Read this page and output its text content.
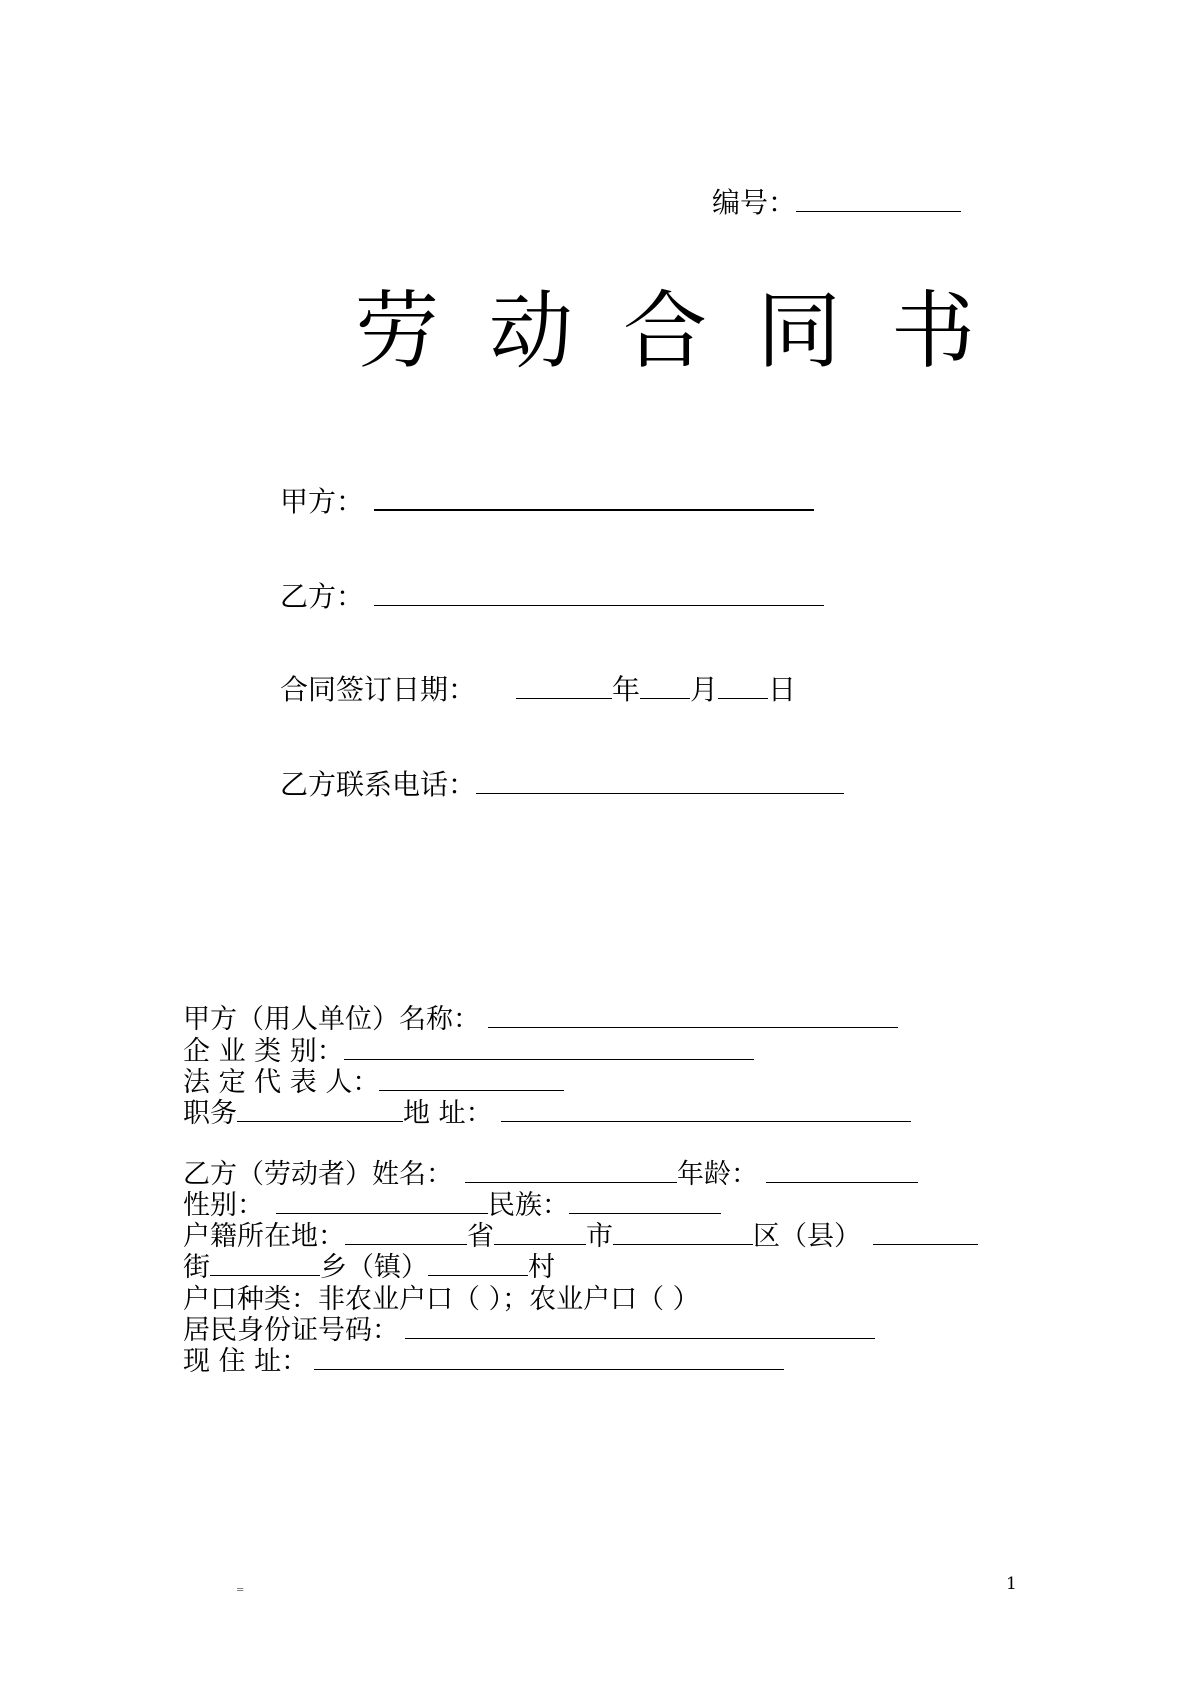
编号：
劳 动 合 同 书
甲方：
乙方：
合同签订日期：	年 月 日
乙方联系电话：
甲方（用人单位）名称：
企 业 类 别：
法 定 代 表 人：
职务	地 址：
乙方（劳动者）姓名：	年龄：
性别：	民族：
户籍所在地：	省	市	区（县）
街	乡（镇）	村
户口种类：非农业户口（ ）；农业户口（ ）
居民身份证号码：
现 住 址：
=	1
